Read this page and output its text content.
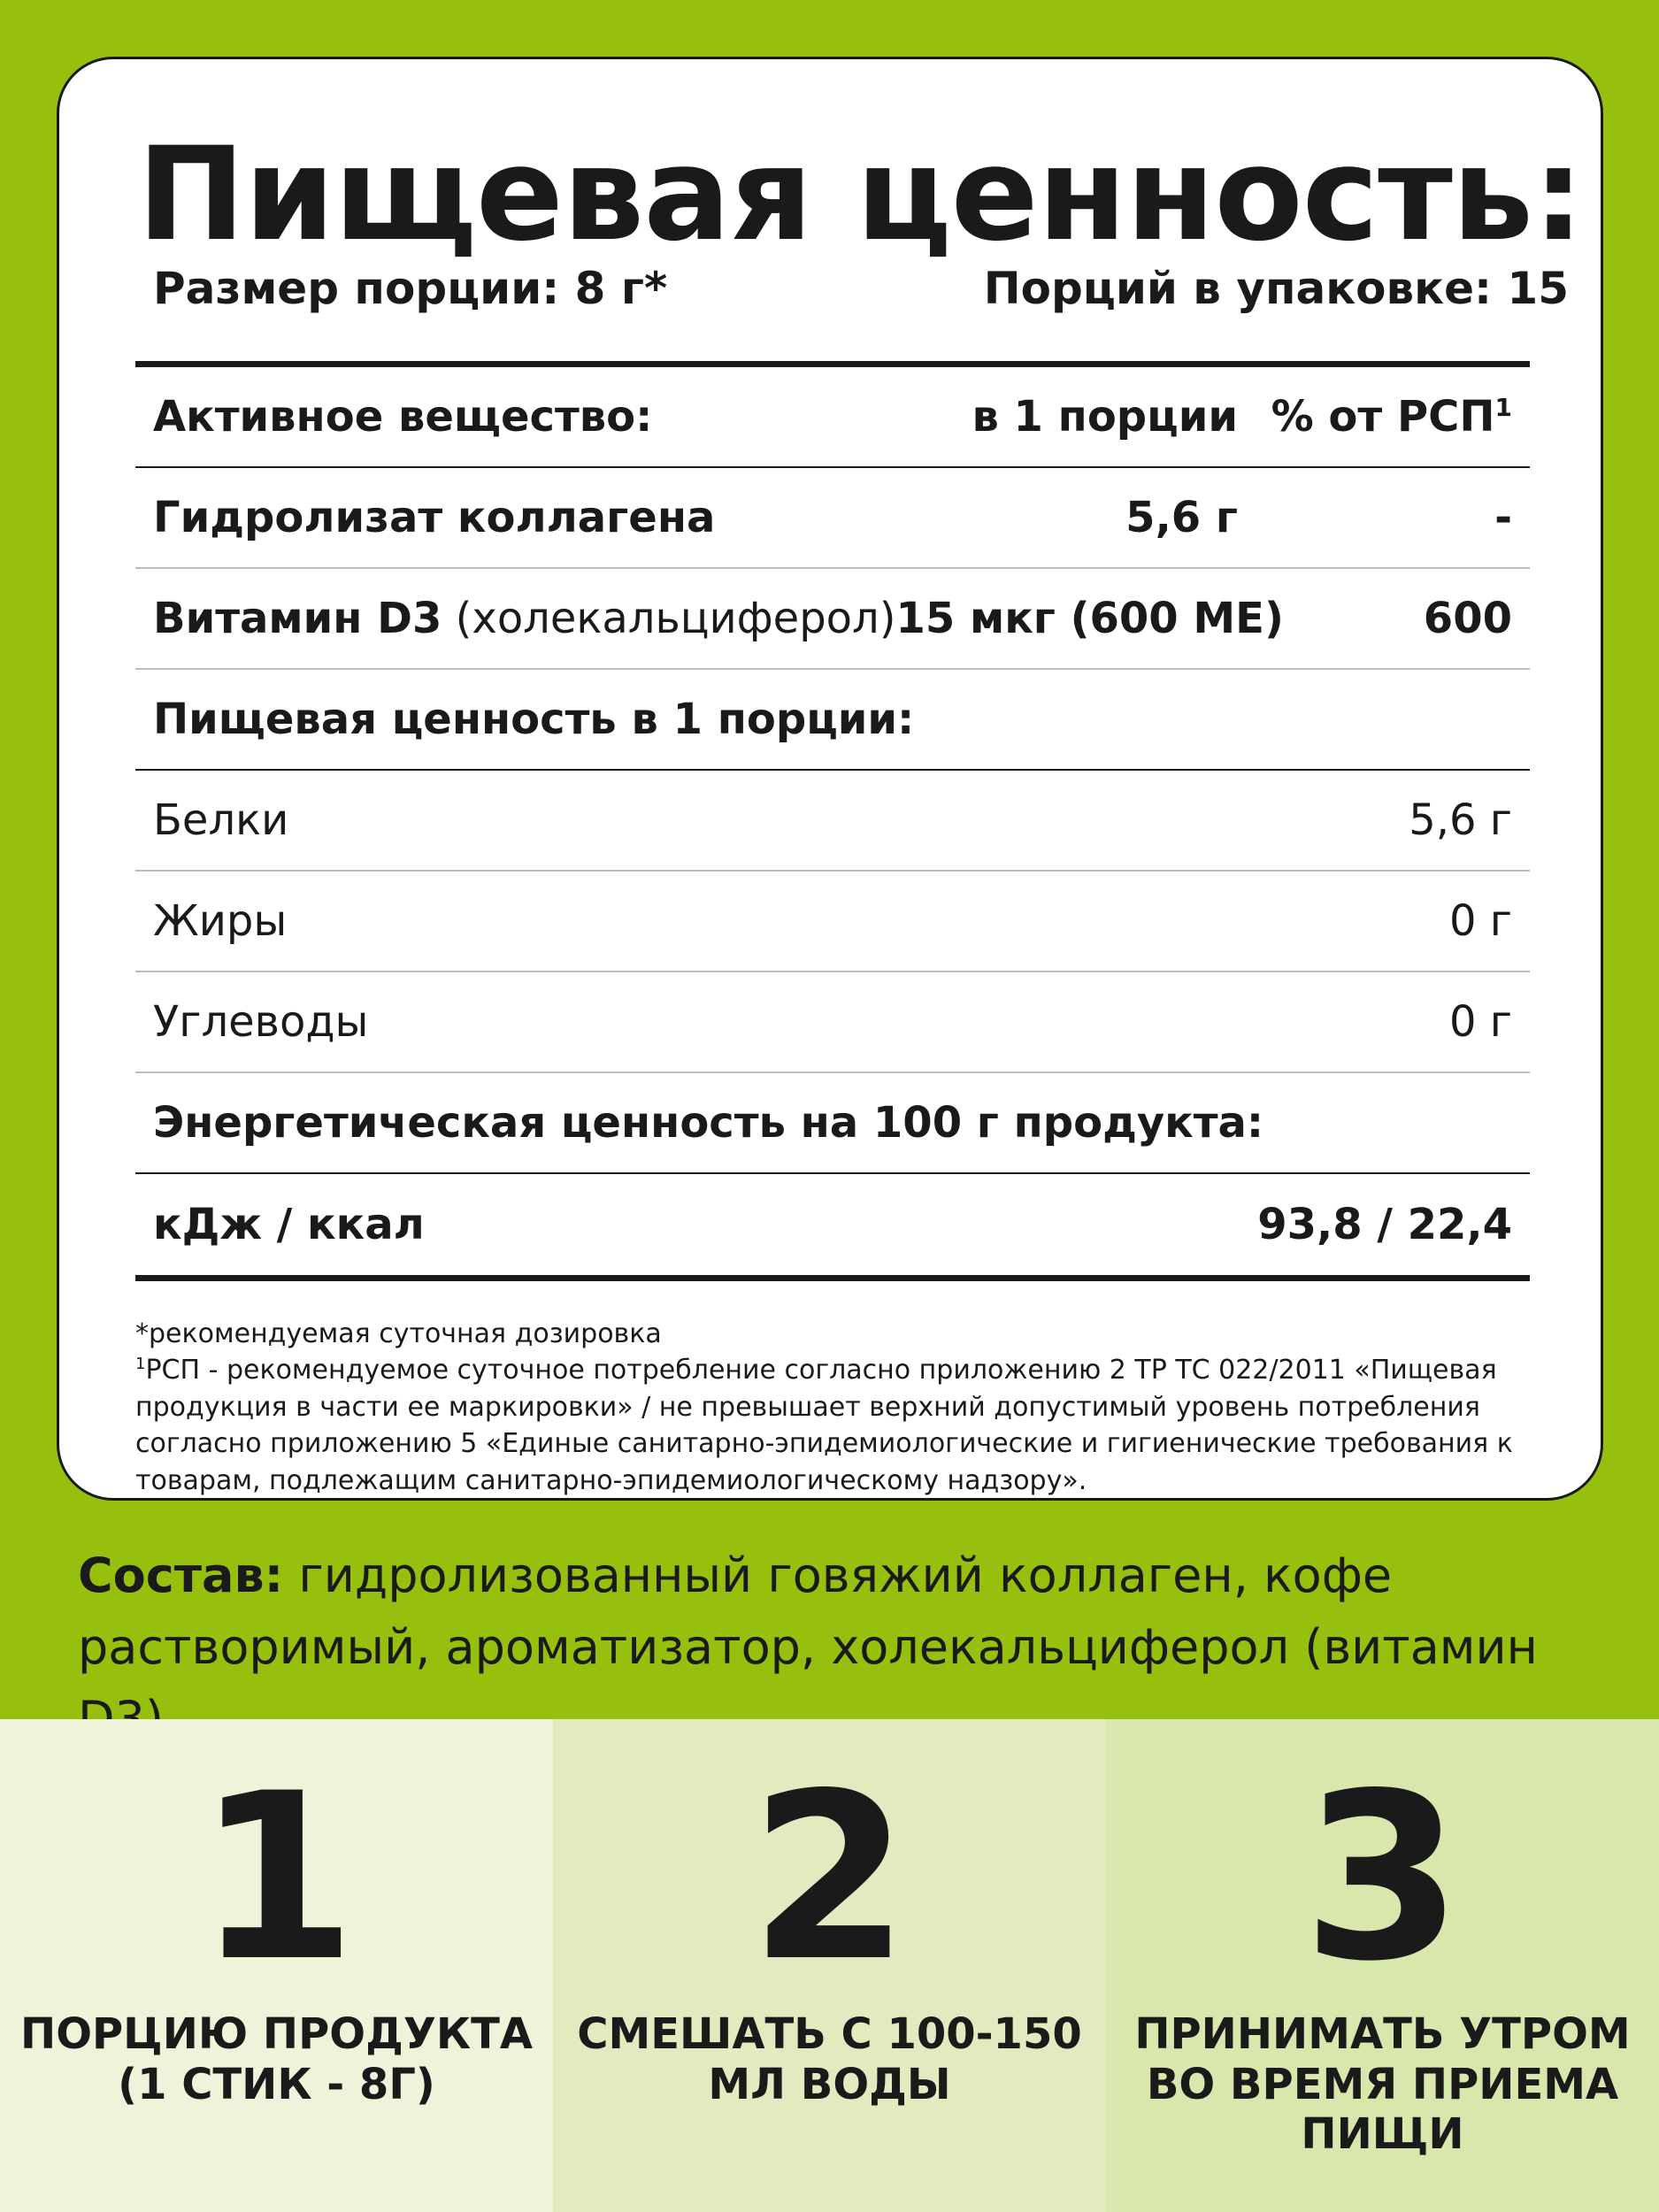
Пищевая ценность:
Размер порции: 8 г*	Порций в упаковке: 15
Активное вещество:	в 1 порции % от РСП$^1$
Гидролизат коллагена	5,6 г	-
Витамин D3 (холекальциферол) 15 мкг (600 МЕ)	600
Пищевая ценность в 1 порции:
Белки	5,6 г
Жиры	0 г
Углеводы	0 г
Энергетическая ценность на 100 г продукта:
кДж / ккал	93,8 / 22,4
*рекомендуемая суточная дозировка
$^1$РСП - рекомендуемое суточное потребление согласно приложению 2 ТР ТС 022/2011 «Пищевая продукция в части ее маркировки» / не превышает верхний допустимый уровень потребления согласно приложению 5 «Единые санитарно-эпидемиологические и гигиенические требования к товарам, подлежащим санитарно-эпидемиологическому надзору».
Состав: гидролизованный говяжий коллаген, кофе растворимый, ароматизатор, холекальциферол (витамин
1
ПОРЦИЮ ПРОДУКТА (1 СТИК - 8Г)
2
СМЕШАТЬ С 100-150 МЛ ВОДЫ
3
ПРИНИМАТЬ УТРОМ ВО ВРЕМЯ ПРИЕМА ПИЩИ
